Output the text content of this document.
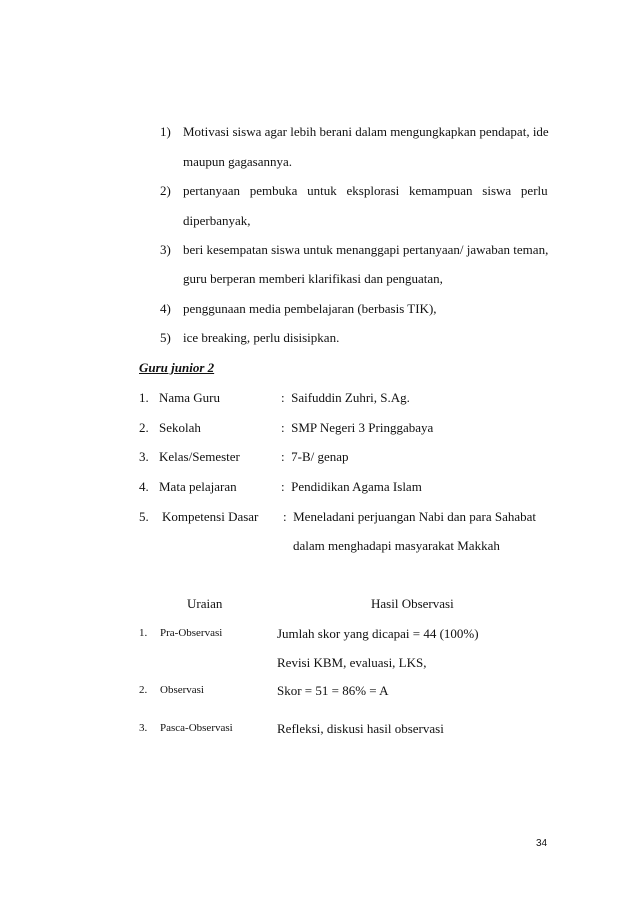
1) Motivasi siswa agar lebih berani dalam mengungkapkan pendapat, ide
maupun gagasannya.
2) pertanyaan   pembuka   untuk   eksplorasi   kemampuan   siswa   perlu
diperbanyak,
3) beri kesempatan siswa untuk menanggapi pertanyaan/ jawaban teman,
guru berperan memberi klarifikasi dan penguatan,
4) penggunaan media pembelajaran (berbasis TIK),
5) ice breaking, perlu disisipkan.
Guru junior 2
1. Nama Guru	:  Saifuddin Zuhri, S.Ag.
2. Sekolah	:  SMP Negeri 3 Pringgabaya
3. Kelas/Semester	:  7-B/ genap
4. Mata pelajaran	:  Pendidikan Agama Islam
5. Kompetensi Dasar :  Meneladani perjuangan Nabi dan para Sahabat
dalam menghadapi masyarakat Makkah
Uraian	Hasil Observasi
1. Pra-Observasi	Jumlah skor yang dicapai = 44 (100%)
Revisi KBM, evaluasi, LKS,
2. Observasi	Skor = 51 = 86% = A
3. Pasca-Observasi	Refleksi, diskusi hasil observasi
34
